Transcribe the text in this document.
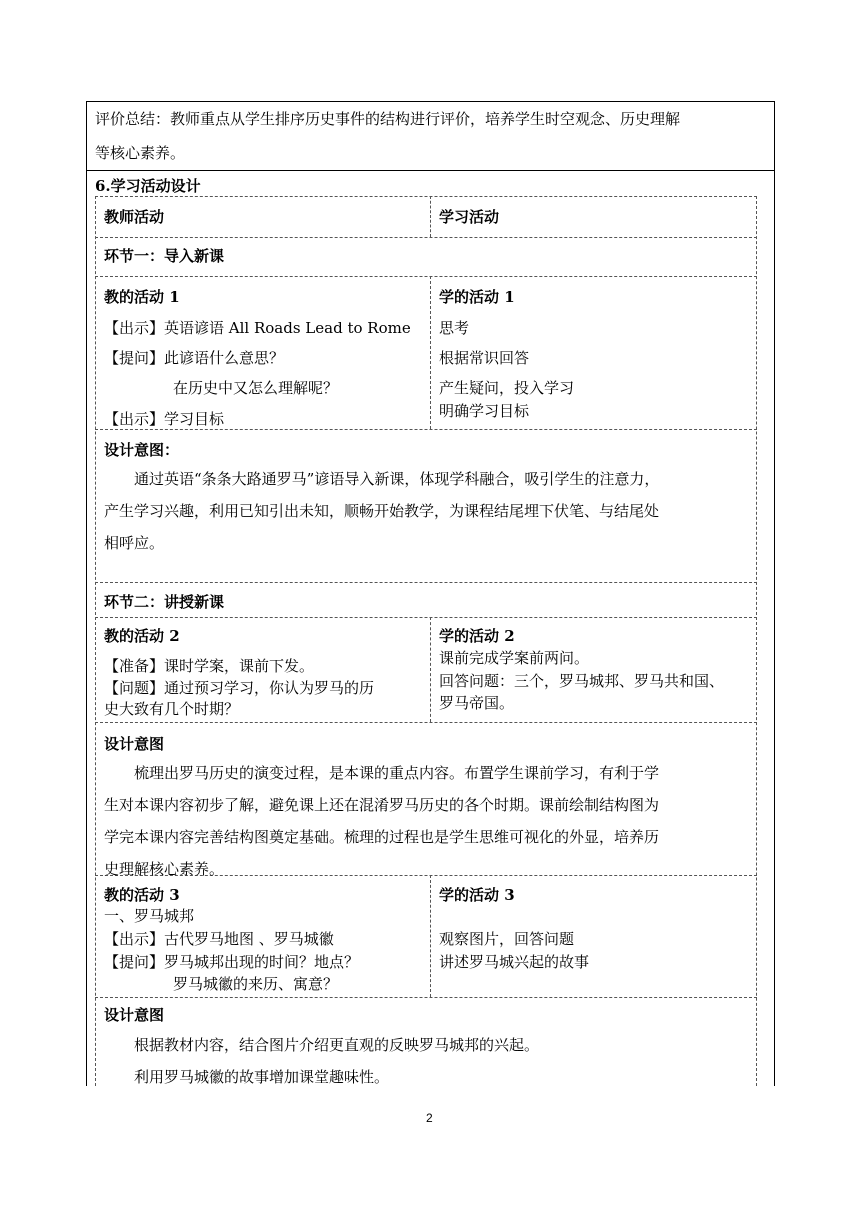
评价总结：教师重点从学生排序历史事件的结构进行评价，培养学生时空观念、历史理解
等核心素养。
6.学习活动设计
教师活动	学习活动
环节一：导入新课
教的活动 1
【出示】英语谚语 All Roads Lead to Rome
【提问】此谚语什么意思？
在历史中又怎么理解呢？
【出示】学习目标
学的活动 1
思考
根据常识回答
产生疑问，投入学习
明确学习目标
设计意图：
通过英语“条条大路通罗马”谚语导入新课，体现学科融合，吸引学生的注意力，
产生学习兴趣，利用已知引出未知，顺畅开始教学，为课程结尾埋下伏笔、与结尾处
相呼应。
环节二：讲授新课
教的活动 2
【准备】课时学案，课前下发。
【问题】通过预习学习，你认为罗马的历
史大致有几个时期？
学的活动 2
课前完成学案前两问。
回答问题：三个，罗马城邦、罗马共和国、
罗马帝国。
设计意图
梳理出罗马历史的演变过程，是本课的重点内容。布置学生课前学习，有利于学
生对本课内容初步了解，避免课上还在混淆罗马历史的各个时期。课前绘制结构图为
学完本课内容完善结构图奠定基础。梳理的过程也是学生思维可视化的外显，培养历
史理解核心素养。
教的活动 3
一、罗马城邦
【出示】古代罗马地图 、罗马城徽
【提问】罗马城邦出现的时间？地点？
罗马城徽的来历、寓意？
学的活动 3
观察图片，回答问题
讲述罗马城兴起的故事
设计意图
根据教材内容，结合图片介绍更直观的反映罗马城邦的兴起。
利用罗马城徽的故事增加课堂趣味性。
2
